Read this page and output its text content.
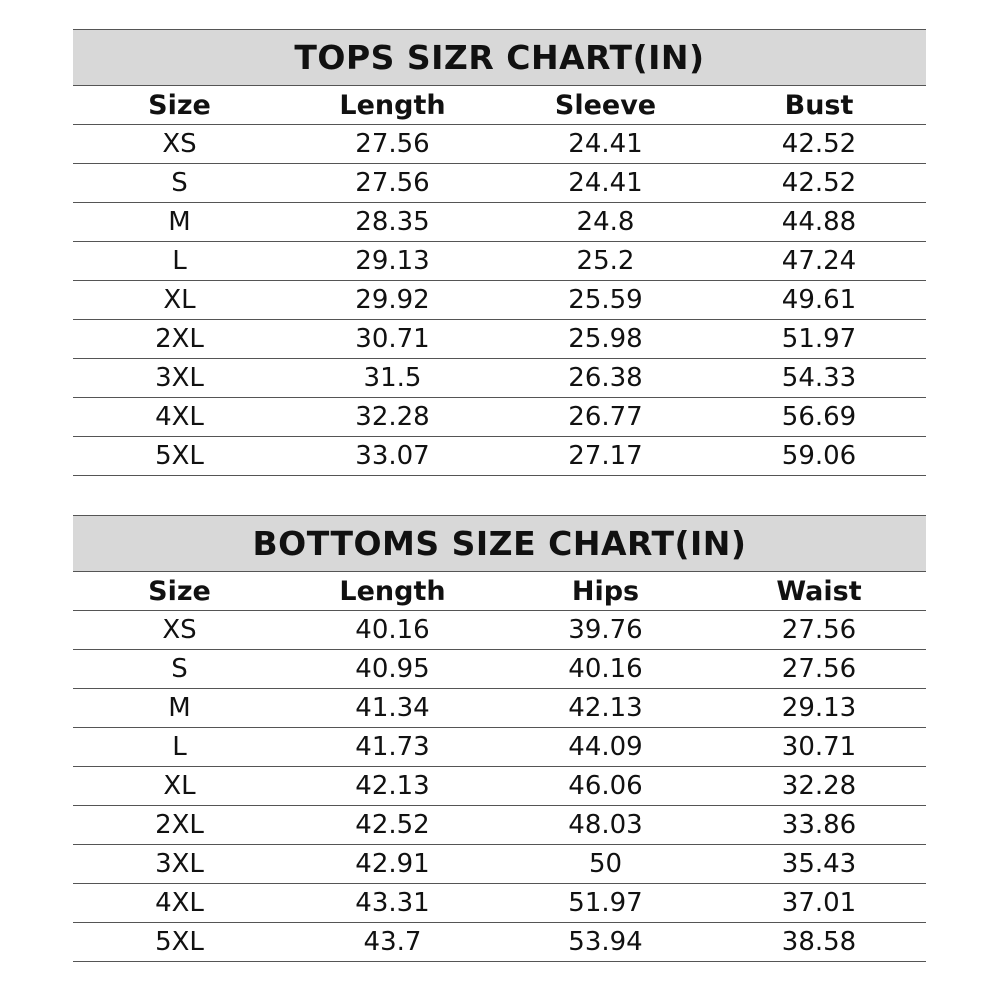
TOPS SIZR CHART(IN)			
Size	Length	Sleeve	Bust
XS	27.56	24.41	42.52
S	27.56	24.41	42.52
M	28.35	24.8	44.88
L	29.13	25.2	47.24
XL	29.92	25.59	49.61
2XL	30.71	25.98	51.97
3XL	31.5	26.38	54.33
4XL	32.28	26.77	56.69
5XL	33.07	27.17	59.06
BOTTOMS SIZE CHART(IN)			
Size	Length	Hips	Waist
XS	40.16	39.76	27.56
S	40.95	40.16	27.56
M	41.34	42.13	29.13
L	41.73	44.09	30.71
XL	42.13	46.06	32.28
2XL	42.52	48.03	33.86
3XL	42.91	50	35.43
4XL	43.31	51.97	37.01
5XL	43.7	53.94	38.58
